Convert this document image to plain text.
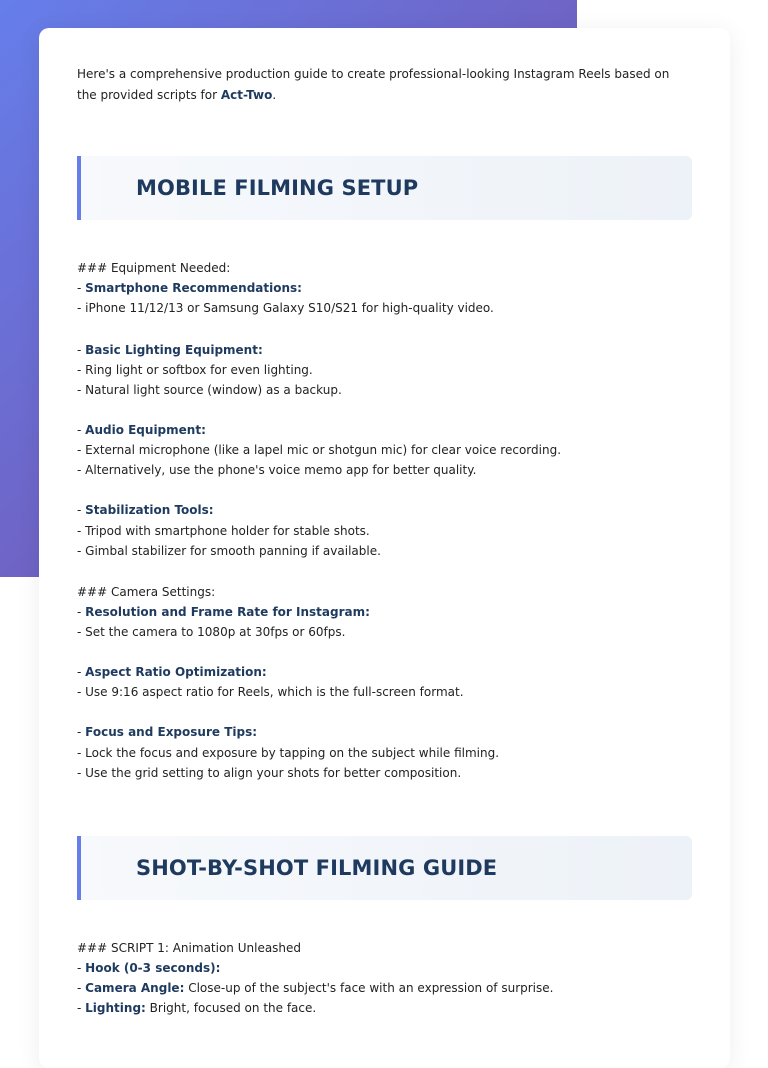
Here's a comprehensive production guide to create professional-looking Instagram Reels based on the provided scripts for Act-Two.

MOBILE FILMING SETUP
### Equipment Needed:
- Smartphone Recommendations:
- iPhone 11/12/13 or Samsung Galaxy S10/S21 for high-quality video.
- Basic Lighting Equipment:
- Ring light or softbox for even lighting.
- Natural light source (window) as a backup.
- Audio Equipment:
- External microphone (like a lapel mic or shotgun mic) for clear voice recording.
- Alternatively, use the phone's voice memo app for better quality.
- Stabilization Tools:
- Tripod with smartphone holder for stable shots.
- Gimbal stabilizer for smooth panning if available.
### Camera Settings:
- Resolution and Frame Rate for Instagram:
- Set the camera to 1080p at 30fps or 60fps.
- Aspect Ratio Optimization:
- Use 9:16 aspect ratio for Reels, which is the full-screen format.
- Focus and Exposure Tips:
- Lock the focus and exposure by tapping on the subject while filming.
- Use the grid setting to align your shots for better composition.
SHOT-BY-SHOT FILMING GUIDE
### SCRIPT 1: Animation Unleashed
- Hook (0-3 seconds):
- Camera Angle: Close-up of the subject's face with an expression of surprise.
- Lighting: Bright, focused on the face.
